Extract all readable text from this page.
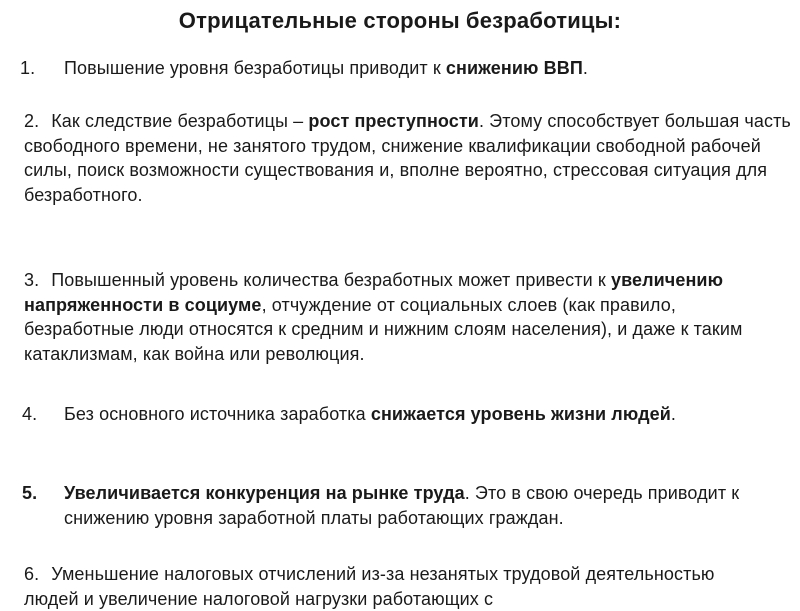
Отрицательные стороны безработицы:
1. Повышение уровня безработицы приводит к снижению ВВП.
2. Как следствие безработицы – рост преступности. Этому способствует большая часть свободного времени, не занятого трудом, снижение квалификации свободной рабочей силы, поиск возможности существования и, вполне вероятно, стрессовая ситуация для безработного.
3. Повышенный уровень количества безработных может привести к увеличению напряженности в социуме, отчуждение от социальных слоев (как правило, безработные люди относятся к средним и нижним слоям населения), и даже к таким катаклизмам, как война или революция.
4. Без основного источника заработка снижается уровень жизни людей.
5. Увеличивается конкуренция на рынке труда. Это в свою очередь приводит к снижению уровня заработной платы работающих граждан.
6. Уменьшение налоговых отчислений из-за незанятых трудовой деятельностью людей и увеличение налоговой нагрузки работающих с
